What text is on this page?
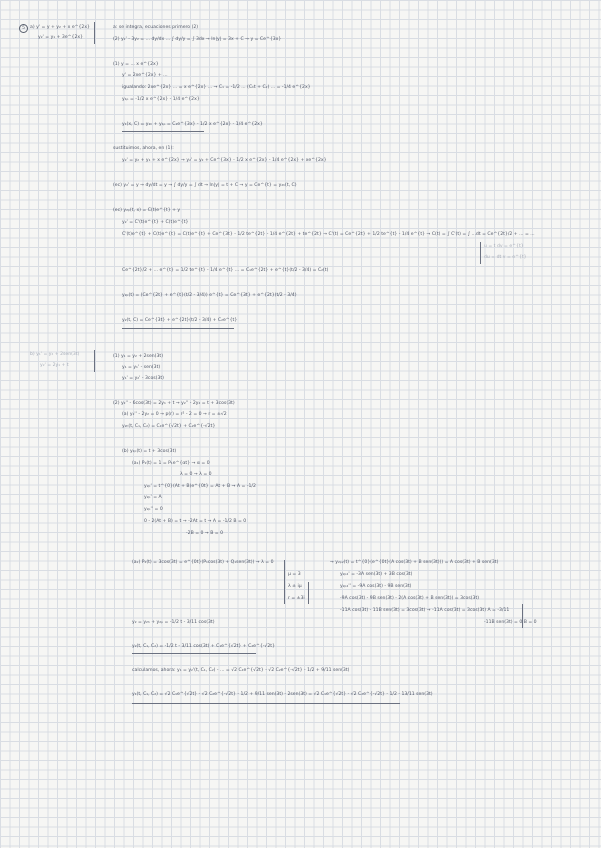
5	a) y' = y + y₂ + x e^{2x}
y₂' = y₁ + 3e^{2x}
a: se integra, ecuaciones primero (2)
(2) y₂' - 3y₂ = ... dy/dx ... ∫ dy/y = ∫ 3dx → ln|y| = 3x + C → y = Ce^{3x}
(1) y = ... x e^{2x}
y' = 2xe^{2x} + ...
igualando: 2xe^{2x} ... = x e^{2x} ... → C₁ = -1/2 ... (C₁t + C₂) ... = -1/4 e^{2x}
y₁ₚ = -1/2 x e^{2x} - 1/4 e^{2x}
y₁(x, C) = y₁ₕ + y₁ₚ = C₁e^{3x} - 1/2 x e^{2x} - 1/4 e^{2x}
sustituimos, ahora, en (1):
y₂' = y₂ + y₁ + x e^{2x} → y₂' = y₂ + Ce^{3x} - 1/2 x e^{2x} - 1/4 e^{2x} + xe^{2x}
(ec) y₂' = y → dy/dt = y → ∫ dy/y = ∫ dt → ln|y| = t + C → y = Ce^{t} = y₂ₕ(t, C)
(ec) y₂ₚ(t, x) = C(t)e^{t} + y
y₂' = C'(t)e^{t} + C(t)e^{t}
C'(t)e^{t} + C(t)e^{t} = C(t)e^{t} + Ce^{3t} - 1/2 te^{2t} - 1/4 e^{2t} + te^{2t} → C'(t) = Ce^{2t} + 1/2 te^{t} - 1/4 e^{t} → C(t) = ∫ C'(t) = ∫ ...dt = Ce^{2t}/2 + ... = ...
u = t dv = e^{t}
du = dt v = e^{t}
Ce^{2t}/2 + ... e^{t} = 1/2 te^{t} - 1/4 e^{t} ... = C₁e^{2t} + e^{t}(t/2 - 3/4) = C₂(t)
y₂ₚ(t) = (Ce^{2t} + e^{t}(t/2 - 3/4)) e^{t} = Ce^{3t} + e^{2t}(t/2 - 3/4)
y₂(t, C) = Ce^{3t} + e^{2t}(t/2 - 3/4) + C₂e^{t}
b) y₁' = y₂ + 2sen(3t)
y₂' = 2y₁ + t
(1) y₁ = y₂ + 2sen(3t)
y₁ = y₁' - sen(3t)
y₁' = y₂' - 3cos(3t)
(2) y₂'' - 6cos(3t) = 2y₁ + t → y₂'' - 2y₂ = t + 3cos(3t)
(a) y₂'' - 2y₂ = 0 → p(r) = r² - 2 = 0 → r = ±√2
y₂ₕ(t, C₁, C₂) = C₁e^{√2t} + C₂e^{-√2t}
(b) y₂ₚ(t) = t + 3cos(3t)
(a₁) P₁(t) = 1 = P₁e^{αt} → α = 0
λ = 0 → λ = 0
y₂ₚ' = t^{0}(At + B)e^{0t} = At + B → A = -1/2
y₂ₚ' = A
y₂ₚ'' = 0
0 - 2(At + B) = t → -2At = t → A = -1/2 B = 0
-2B = 0 → B = 0
(a₂) P₂(t) = 3cos(3t) = e^{0t}(P₁cos(3t) + Q₁sen(3t)) → λ = 0
μ = 3
λ ± iμ
r = ±3i
→ y₂ₚ₂(t) = t^{0}(e^{0t}(A cos(3t) + B sen(3t))) = A cos(3t) + B sen(3t)
y₂ₚ₂' = -3A sen(3t) + 3B cos(3t)
y₂ₚ₂'' = -9A cos(3t) - 9B sen(3t)
-9A cos(3t) - 9B sen(3t) - 2(A cos(3t) + B sen(3t)) = 3cos(3t)
-11A cos(3t) - 11B sen(3t) = 3cos(3t) → -11A cos(3t) = 3cos(3t) A = -3/11
-11B sen(3t) = 0 B = 0
y₂ = y₂ₕ + y₂ₚ = -1/2 t - 3/11 cos(3t)
y₂(t, C₁, C₂) = -1/2 t - 3/11 cos(3t) + C₁e^{√2t} + C₂e^{-√2t}
calculamos, ahora: y₁ = y₂'(t, C₁, C₂) - ... = √2 C₁e^{√2t} - √2 C₂e^{-√2t} - 1/2 + 9/11 sen(3t)
y₁(t, C₁, C₂) = √2 C₁e^{√2t} - √2 C₂e^{-√2t} - 1/2 + 9/11 sen(3t) - 2sen(3t) = √2 C₁e^{√2t} - √2 C₂e^{-√2t} - 1/2 - 13/11 sen(3t)
